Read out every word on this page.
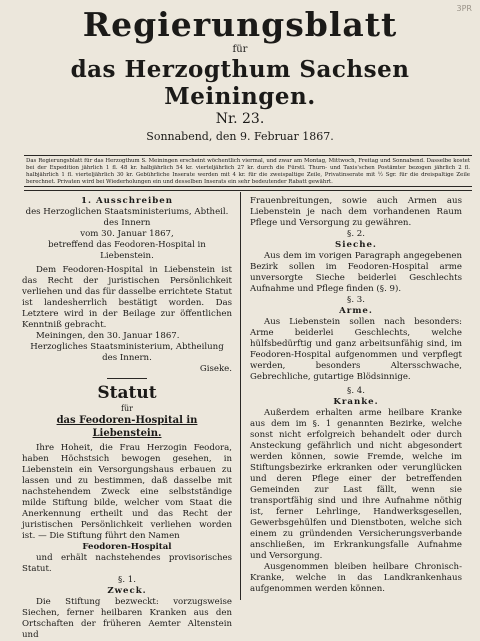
3PR
Regierungsblatt
für
das Herzogthum Sachsen Meiningen.
Nr. 23.
Sonnabend, den 9. Februar 1867.
Das Regierungsblatt für das Herzogthum S. Meiningen erscheint wöchentlich viermal, und zwar am Montag, Mittwoch, Freitag und Sonnabend. Dasselbe kostet bei der Expedition jährlich 1 fl. 48 kr. halbjährlich 54 kr. vierteljährlich 27 kr. durch die Fürstl. Thurn- und Taxis'schen Postämter bezogen jährlich 2 fl. halbjährlich 1 fl. vierteljährlich 30 kr. Gebührliche Inserate werden mit 4 kr. für die zweispaltige Zeile, Privatinserate mit ½ Sgr. für die dreispaltige Zeile berechnet. Privaten wird bei Wiederholungen ein und desselben Inserats ein sehr bedeutender Rabatt gewährt.

1. Ausschreiben

des Herzoglichen Staatsministeriums, Abtheil. des Innern

vom 30. Januar 1867,

betreffend das Feodoren-Hospital in Liebenstein.

Dem Feodoren-Hospital in Liebenstein ist das Recht der juristischen Persönlichkeit verliehen und das für dasselbe errichtete Statut ist landesherrlich bestätigt worden. Das Letztere wird in der Beilage zur öffentlichen Kenntniß gebracht.

Meiningen, den 30. Januar 1867.

Herzogliches Staatsministerium, Abtheilung des Innern.

Giseke.

Statut
für
das Feodoren-Hospital in Liebenstein.

Ihre Hoheit, die Frau Herzogin Feodora, haben Höchstsich bewogen gesehen, in Liebenstein ein Versorgungshaus erbauen zu lassen und zu bestimmen, daß dasselbe mit nachstehendem Zweck eine selbstständige milde Stiftung bilde, welcher vom Staat die Anerkennung ertheilt und das Recht der juristischen Persönlichkeit verliehen worden ist. — Die Stiftung führt den Namen

Feodoren-Hospital

und erhält nachstehendes provisorisches Statut.

§. 1.

Zweck.

Die Stiftung bezweckt: vorzugsweise Siechen, ferner heilbaren Kranken aus den Ortschaften der früheren Aemter Altenstein und

Frauenbreitungen, sowie auch Armen aus Liebenstein je nach dem vorhandenen Raum Pflege und Versorgung zu gewähren.

§. 2.

Sieche.

Aus dem im vorigen Paragraph angegebenen Bezirk sollen im Feodoren-Hospital arme unversorgte Sieche beiderlei Geschlechts Aufnahme und Pflege finden (§. 9).

§. 3.

Arme.

Aus Liebenstein sollen nach besonders: Arme beiderlei Geschlechts, welche hülfsbedürftig und ganz arbeitsunfähig sind, im Feodoren-Hospital aufgenommen und verpflegt werden, besonders Altersschwache, Gebrechliche, gutartige Blödsinnige.

§. 4.

Kranke.

Außerdem erhalten arme heilbare Kranke aus dem im §. 1 genannten Bezirke, welche sonst nicht erfolgreich behandelt oder durch Ansteckung gefährlich und nicht abgesondert werden können, sowie Fremde, welche im Stiftungsbezirke erkranken oder verunglücken und deren Pflege einer der betreffenden Gemeinden zur Last fällt, wenn sie transportfähig sind und ihre Aufnahme nöthig ist, ferner Lehrlinge, Handwerksgesellen, Gewerbsgehülfen und Dienstboten, welche sich einem zu gründenden Versicherungsverbande anschließen, im Erkrankungsfalle Aufnahme und Versorgung.

Ausgenommen bleiben heilbare Chronisch-Kranke, welche in das Landkrankenhaus aufgenommen werden können.
